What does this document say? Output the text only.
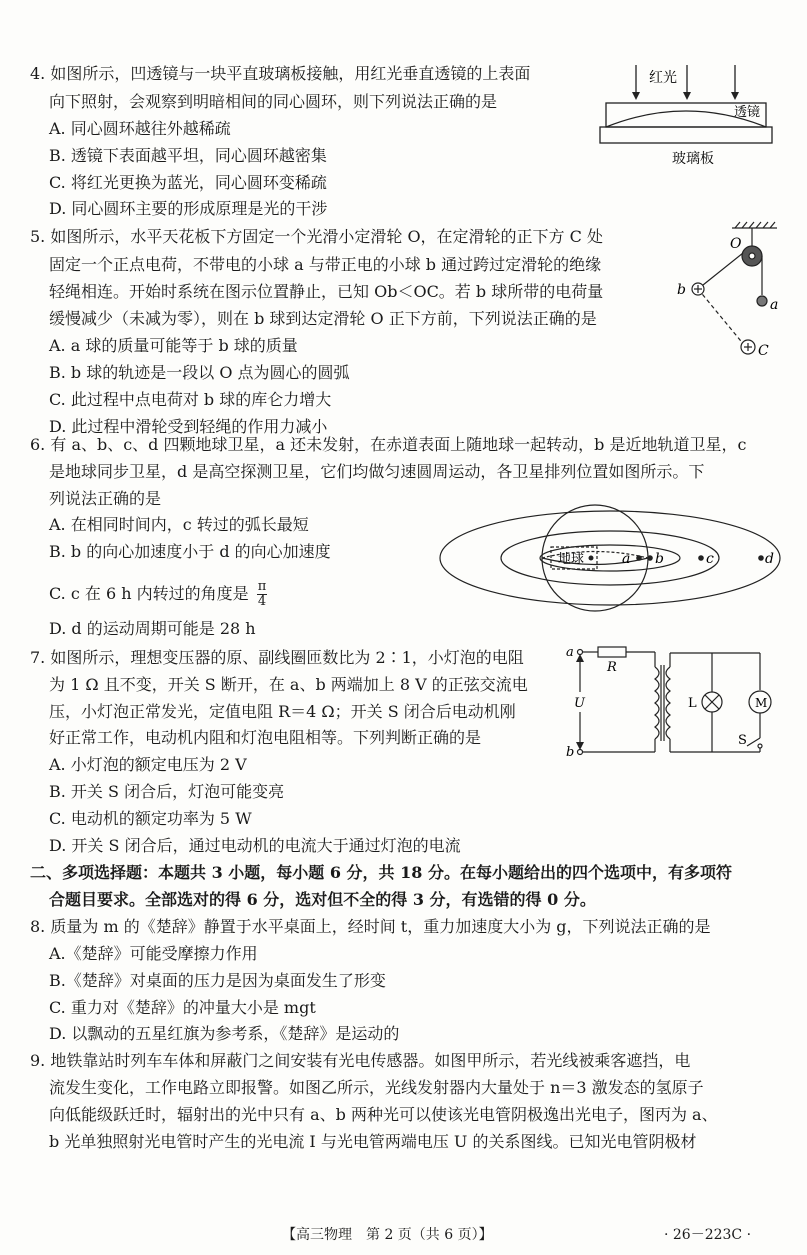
4. 如图所示，凹透镜与一块平直玻璃板接触，用红光垂直透镜的上表面
向下照射，会观察到明暗相间的同心圆环，则下列说法正确的是
A. 同心圆环越往外越稀疏
B. 透镜下表面越平坦，同心圆环越密集
C. 将红光更换为蓝光，同心圆环变稀疏
D. 同心圆环主要的形成原理是光的干涉
红光
透镜
玻璃板
5. 如图所示，水平天花板下方固定一个光滑小定滑轮 O，在定滑轮的正下方 C 处
固定一个正点电荷，不带电的小球 a 与带正电的小球 b 通过跨过定滑轮的绝缘
轻绳相连。开始时系统在图示位置静止，已知 Ob＜OC。若 b 球所带的电荷量
缓慢减少（未减为零），则在 b 球到达定滑轮 O 正下方前，下列说法正确的是
A. a 球的质量可能等于 b 球的质量
B. b 球的轨迹是一段以 O 点为圆心的圆弧
C. 此过程中点电荷对 b 球的库仑力增大
D. 此过程中滑轮受到轻绳的作用力减小
O
a
b
C
6. 有 a、b、c、d 四颗地球卫星，a 还未发射，在赤道表面上随地球一起转动，b 是近地轨道卫星，c
是地球同步卫星，d 是高空探测卫星，它们均做匀速圆周运动，各卫星排列位置如图所示。下
列说法正确的是
A. 在相同时间内，c 转过的弧长最短
B. b 的向心加速度小于 d 的向心加速度
C. c 在 6 h 内转过的角度是 $\frac{\pi}{4}$
D. d 的运动周期可能是 28 h
地球	a b	c	d
7. 如图所示，理想变压器的原、副线圈匝数比为 2∶1，小灯泡的电阻
为 1 Ω 且不变，开关 S 断开，在 a、b 两端加上 8 V 的正弦交流电
压，小灯泡正常发光，定值电阻 R＝4 Ω；开关 S 闭合后电动机刚
好正常工作，电动机内阻和灯泡电阻相等。下列判断正确的是
A. 小灯泡的额定电压为 2 V
B. 开关 S 闭合后，灯泡可能变亮
C. 电动机的额定功率为 5 W
D. 开关 S 闭合后，通过电动机的电流大于通过灯泡的电流
a
b
U
R
L	M
S
二、多项选择题：本题共 3 小题，每小题 6 分，共 18 分。在每小题给出的四个选项中，有多项符
合题目要求。全部选对的得 6 分，选对但不全的得 3 分，有选错的得 0 分。
8. 质量为 m 的《楚辞》静置于水平桌面上，经时间 t，重力加速度大小为 g，下列说法正确的是
A.《楚辞》可能受摩擦力作用
B.《楚辞》对桌面的压力是因为桌面发生了形变
C. 重力对《楚辞》的冲量大小是 mgt
D. 以飘动的五星红旗为参考系，《楚辞》是运动的
9. 地铁靠站时列车车体和屏蔽门之间安装有光电传感器。如图甲所示，若光线被乘客遮挡，电
流发生变化，工作电路立即报警。如图乙所示，光线发射器内大量处于 n＝3 激发态的氢原子
向低能级跃迁时，辐射出的光中只有 a、b 两种光可以使该光电管阴极逸出光电子，图丙为 a、
b 光单独照射光电管时产生的光电流 I 与光电管两端电压 U 的关系图线。已知光电管阴极材
【高三物理　第 2 页（共 6 页）】	· 26－223C ·
